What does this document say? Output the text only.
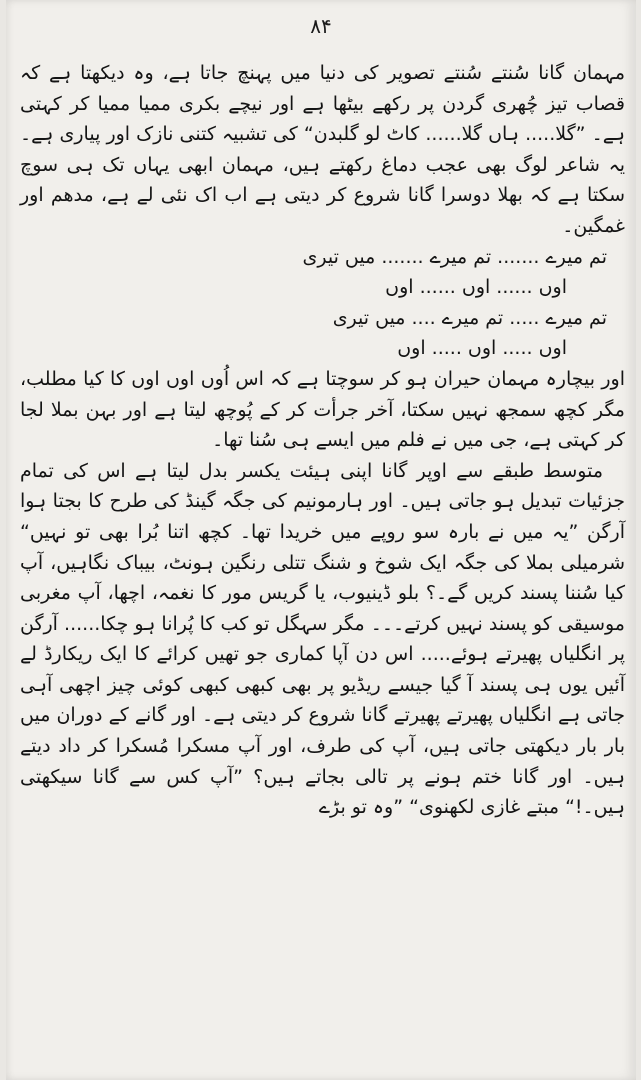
۸۴

مہمان گانا سُنتے سُنتے تصویر کی دنیا میں پہنچ جاتا ہے، وہ دیکھتا ہے کہ قصاب تیز چُھری گردن پر رکھے بیٹھا ہے اور نیچے بکری ممیا ممیا کر کہتی ہے۔ ”گلا..... ہاں گلا...... کاٹ لو گلبدن“ کی تشبیہ کتنی نازک اور پیاری ہے۔ یہ شاعر لوگ بھی عجب دماغ رکھتے ہیں، مہمان ابھی یہاں تک ہی سوچ سکتا ہے کہ بھلا دوسرا گانا شروع کر دیتی ہے اب اک نئی لے ہے، مدھم اور غمگین۔

تم میرے ....... تم میرے ....... میں تیری
اوں ...... اوں ...... اوں
تم میرے ..... تم میرے .... میں تیری
اوں ..... اوں ..... اوں

اور بیچارہ مہمان حیران ہو کر سوچتا ہے کہ اس اُوں اوں اوں کا کیا مطلب، مگر کچھ سمجھ نہیں سکتا، آخر جرأت کر کے پُوچھ لیتا ہے اور بہن بملا لجا کر کہتی ہے، جی میں نے فلم میں ایسے ہی سُنا تھا۔

متوسط طبقے سے اوپر گانا اپنی ہیئت یکسر بدل لیتا ہے اس کی تمام جزئیات تبدیل ہو جاتی ہیں۔ اور ہارمونیم کی جگہ گینڈ کی طرح کا بجتا ہوا آرگن ”یہ میں نے بارہ سو روپے میں خریدا تھا۔ کچھ اتنا بُرا بھی تو نہیں“ شرمیلی بملا کی جگہ ایک شوخ و شنگ تتلی رنگین ہونٹ، بیباک نگاہیں، آپ کیا سُننا پسند کریں گے۔؟ بلو ڈینیوب، یا گریس مور کا نغمہ، اچھا، آپ مغربی موسیقی کو پسند نہیں کرتے۔۔۔ مگر سہگل تو کب کا پُرانا ہو چکا...... آرگن پر انگلیاں پھیرتے ہوئے..... اس دن آپا کماری جو تھیں کرائے کا ایک ریکارڈ لے آئیں یوں ہی پسند آ گیا جیسے ریڈیو پر بھی کبھی کبھی کوئی چیز اچھی آہی جاتی ہے انگلیاں پھیرتے پھیرتے گانا شروع کر دیتی ہے۔ اور گانے کے دوران میں بار بار دیکھتی جاتی ہیں، آپ کی طرف، اور آپ مسکرا مُسکرا کر داد دیتے ہیں۔ اور گانا ختم ہونے پر تالی بجاتے ہیں؟ ”آپ کس سے گانا سیکھتی ہیں۔!“ مبتے غازی لکھنوی“ ”وہ تو بڑے
